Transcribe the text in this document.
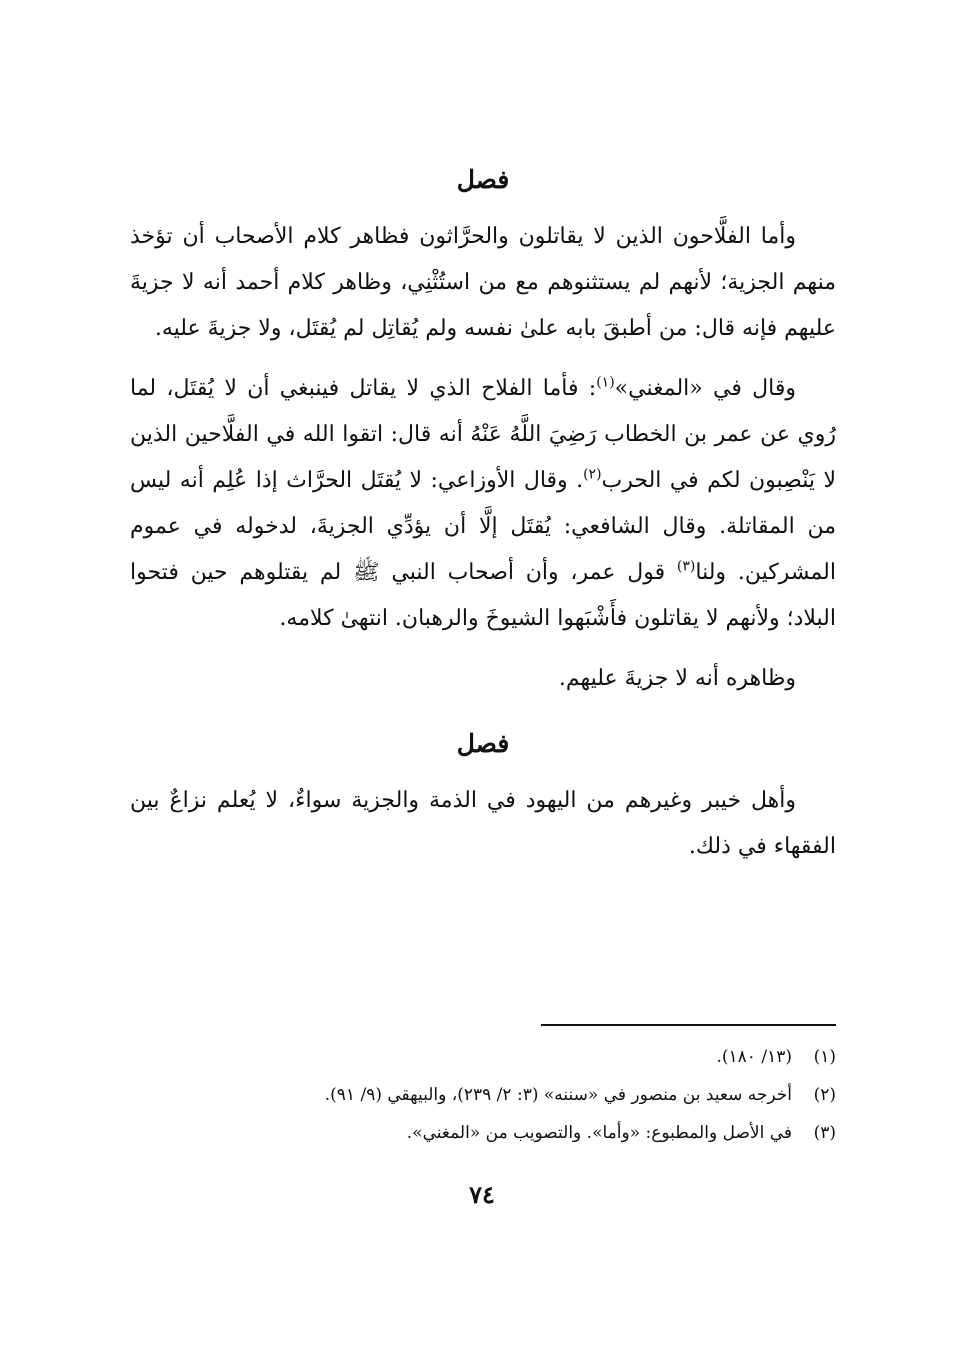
فصل

وأما الفلَّاحون الذين لا يقاتلون والحرَّاثون فظاهر كلام الأصحاب أن تؤخذ منهم الجزية؛ لأنهم لم يستثنوهم مع من استُثْنِي، وظاهر كلام أحمد أنه لا جزيةَ عليهم فإنه قال: من أطبقَ بابه علىٰ نفسه ولم يُقاتِل لم يُقتَل، ولا جزيةَ عليه.

وقال في «المغني»$^{(١)}$: فأما الفلاح الذي لا يقاتل فينبغي أن لا يُقتَل، لما رُوي عن عمر بن الخطاب رَضِيَ اللَّهُ عَنْهُ أنه قال: اتقوا الله في الفلَّاحين الذين لا يَنْصِبون لكم في الحرب$^{(٢)}$. وقال الأوزاعي: لا يُقتَل الحرَّاث إذا عُلِم أنه ليس من المقاتلة. وقال الشافعي: يُقتَل إلَّا أن يؤدِّي الجزيةَ، لدخوله في عموم المشركين. ولنا$^{(٣)}$ قول عمر، وأن أصحاب النبي ﷺ لم يقتلوهم حين فتحوا البلاد؛ ولأنهم لا يقاتلون فأَشْبَهوا الشيوخَ والرهبان. انتهىٰ كلامه.

وظاهره أنه لا جزيةَ عليهم.

فصل

وأهل خيبر وغيرهم من اليهود في الذمة والجزية سواءٌ، لا يُعلم نزاعٌ بين الفقهاء في ذلك.

(١)
(١٣/ ١٨٠).
(٢)
أخرجه سعيد بن منصور في «سننه» (٣: ٢/ ٢٣٩)، والبيهقي (٩/ ٩١).
(٣)
في الأصل والمطبوع: «وأما». والتصويب من «المغني».
٧٤
